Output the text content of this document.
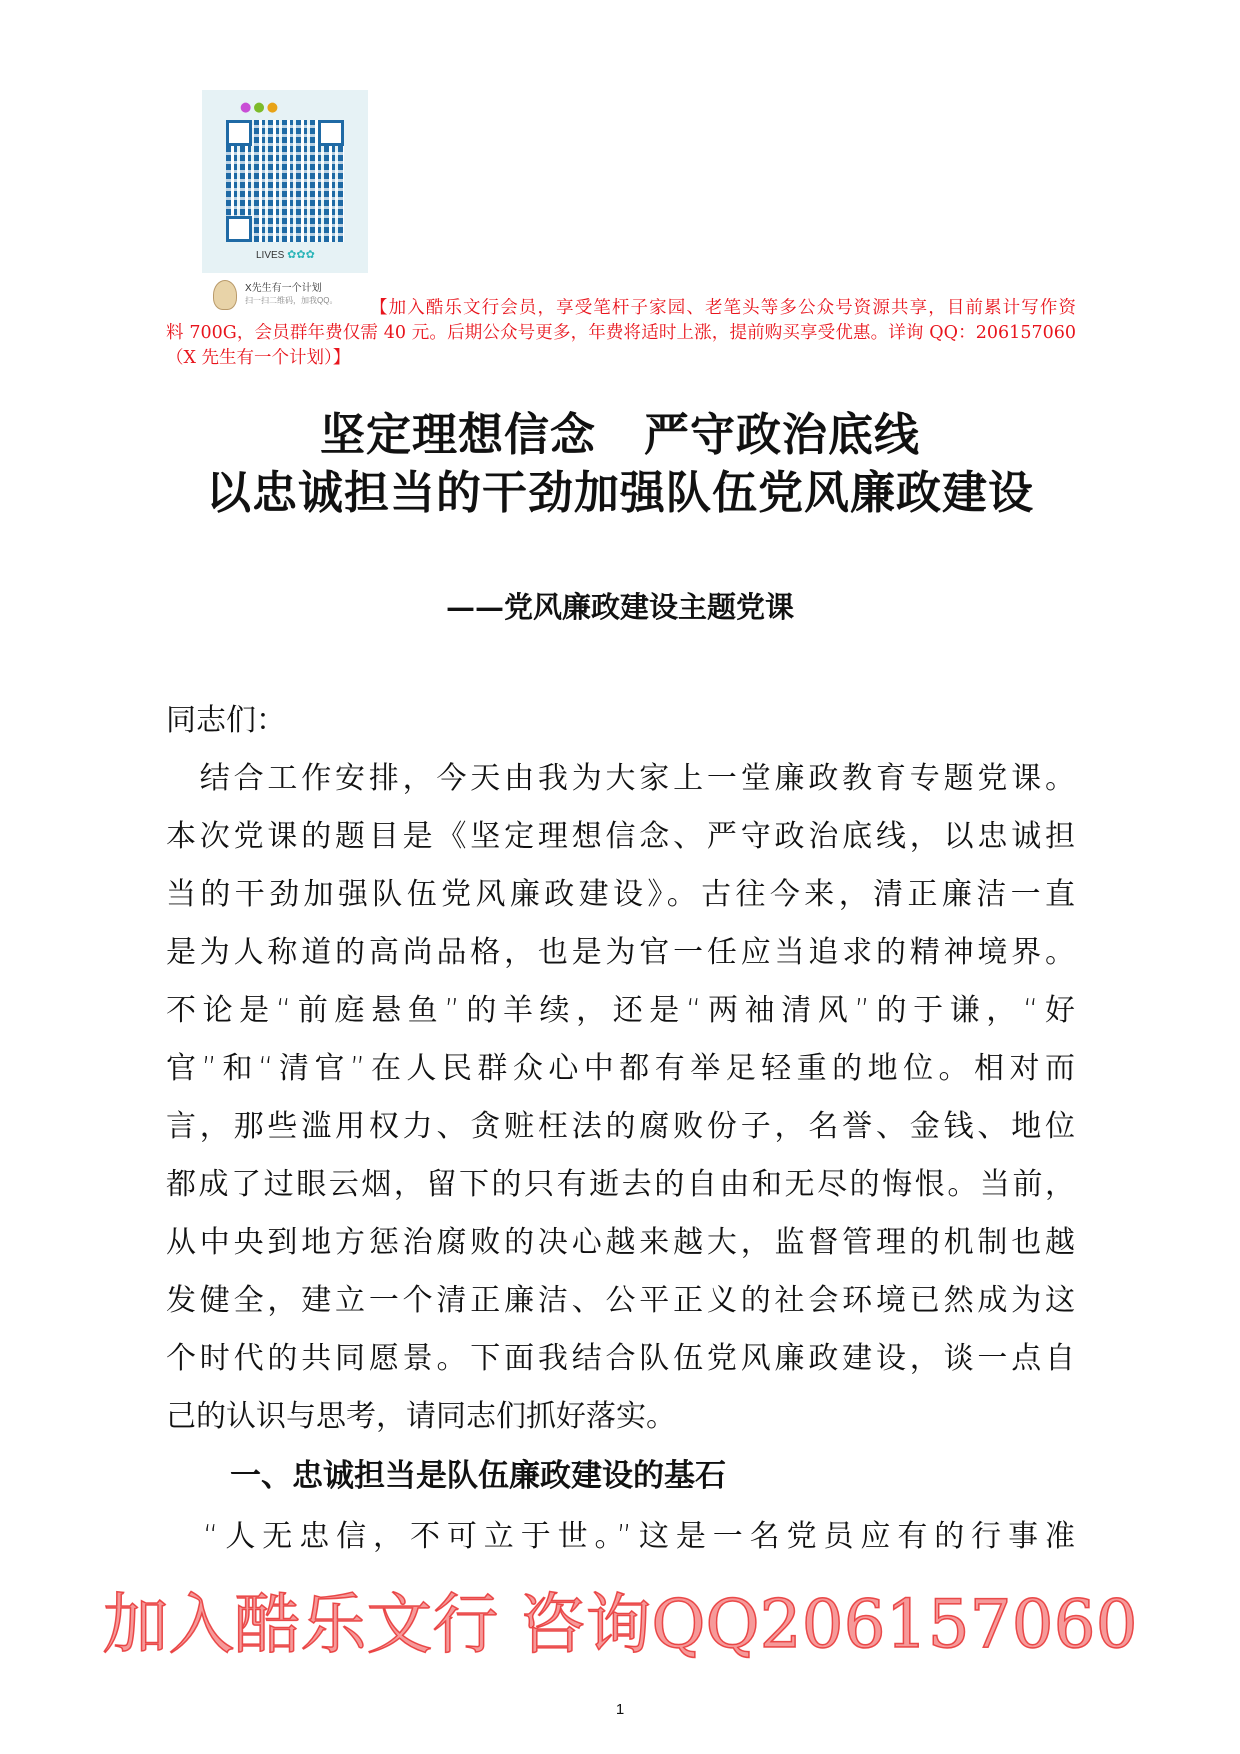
●●●
LIVES ✿✿✿
X先生有一个计划
扫一扫二维码，加我QQ。 【加入酷乐文行会员，享受笔杆子家园、老笔头等多公众号资源共享，目前累计写作资
料 700G，会员群年费仅需 40 元。后期公众号更多，年费将适时上涨，提前购买享受优惠。详询 QQ：206157060
（X 先生有一个计划）】
坚定理想信念 严守政治底线
以忠诚担当的干劲加强队伍党风廉政建设
——党风廉政建设主题党课
同志们：
　结合工作安排，今天由我为大家上一堂廉政教育专题党课。
本次党课的题目是《坚定理想信念、严守政治底线，以忠诚担
当的干劲加强队伍党风廉政建设》。古往今来，清正廉洁一直
是为人称道的高尚品格，也是为官一任应当追求的精神境界。
不论是“前庭悬鱼”的羊续，还是“两袖清风”的于谦，“好
官”和“清官”在人民群众心中都有举足轻重的地位。相对而
言，那些滥用权力、贪赃枉法的腐败份子，名誉、金钱、地位
都成了过眼云烟，留下的只有逝去的自由和无尽的悔恨。当前，
从中央到地方惩治腐败的决心越来越大，监督管理的机制也越
发健全，建立一个清正廉洁、公平正义的社会环境已然成为这
个时代的共同愿景。下面我结合队伍党风廉政建设，谈一点自
己的认识与思考，请同志们抓好落实。
一、忠诚担当是队伍廉政建设的基石
　“人无忠信，不可立于世。”这是一名党员应有的行事准
加入酷乐文行 咨询QQ206157060
1
